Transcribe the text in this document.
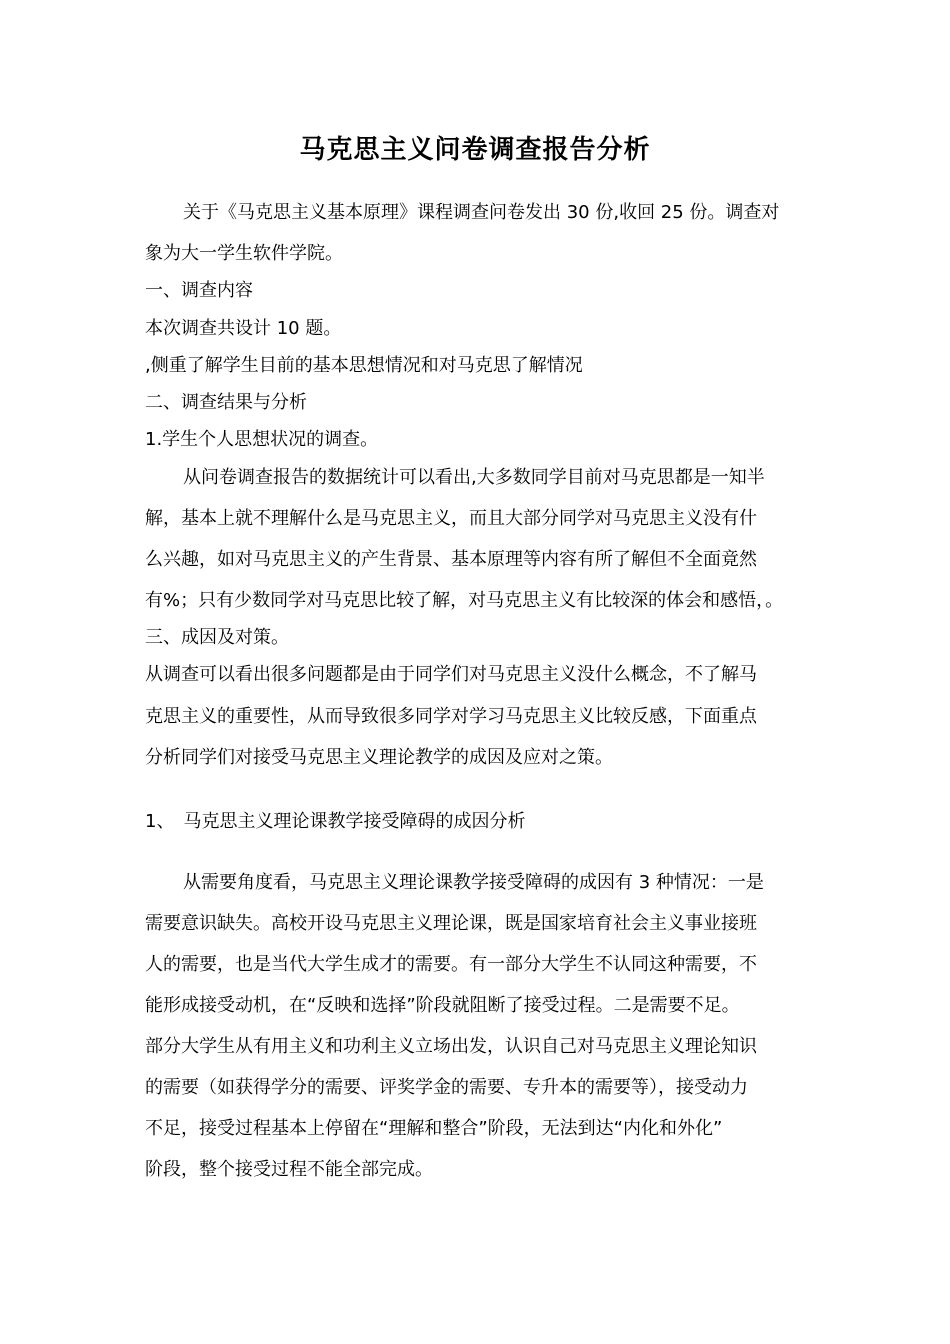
马克思主义问卷调查报告分析
关于《马克思主义基本原理》课程调查问卷发出 30 份,收回 25 份。调查对
象为大一学生软件学院。
一、调查内容
本次调查共设计 10 题。
,侧重了解学生目前的基本思想情况和对马克思了解情况
二、调查结果与分析
1.学生个人思想状况的调查。
从问卷调查报告的数据统计可以看出,大多数同学目前对马克思都是一知半
解，基本上就不理解什么是马克思主义，而且大部分同学对马克思主义没有什
么兴趣，如对马克思主义的产生背景、基本原理等内容有所了解但不全面竟然
有%；只有少数同学对马克思比较了解，对马克思主义有比较深的体会和感悟，。
三、成因及对策。
从调查可以看出很多问题都是由于同学们对马克思主义没什么概念，不了解马
克思主义的重要性，从而导致很多同学对学习马克思主义比较反感，下面重点
分析同学们对接受马克思主义理论教学的成因及应对之策。
1、　马克思主义理论课教学接受障碍的成因分析
从需要角度看，马克思主义理论课教学接受障碍的成因有 3 种情况：一是
需要意识缺失。高校开设马克思主义理论课，既是国家培育社会主义事业接班
人的需要，也是当代大学生成才的需要。有一部分大学生不认同这种需要，不
能形成接受动机，在“反映和选择”阶段就阻断了接受过程。二是需要不足。
部分大学生从有用主义和功利主义立场出发，认识自己对马克思主义理论知识
的需要（如获得学分的需要、评奖学金的需要、专升本的需要等），接受动力
不足，接受过程基本上停留在“理解和整合”阶段，无法到达“内化和外化”
阶段，整个接受过程不能全部完成。
